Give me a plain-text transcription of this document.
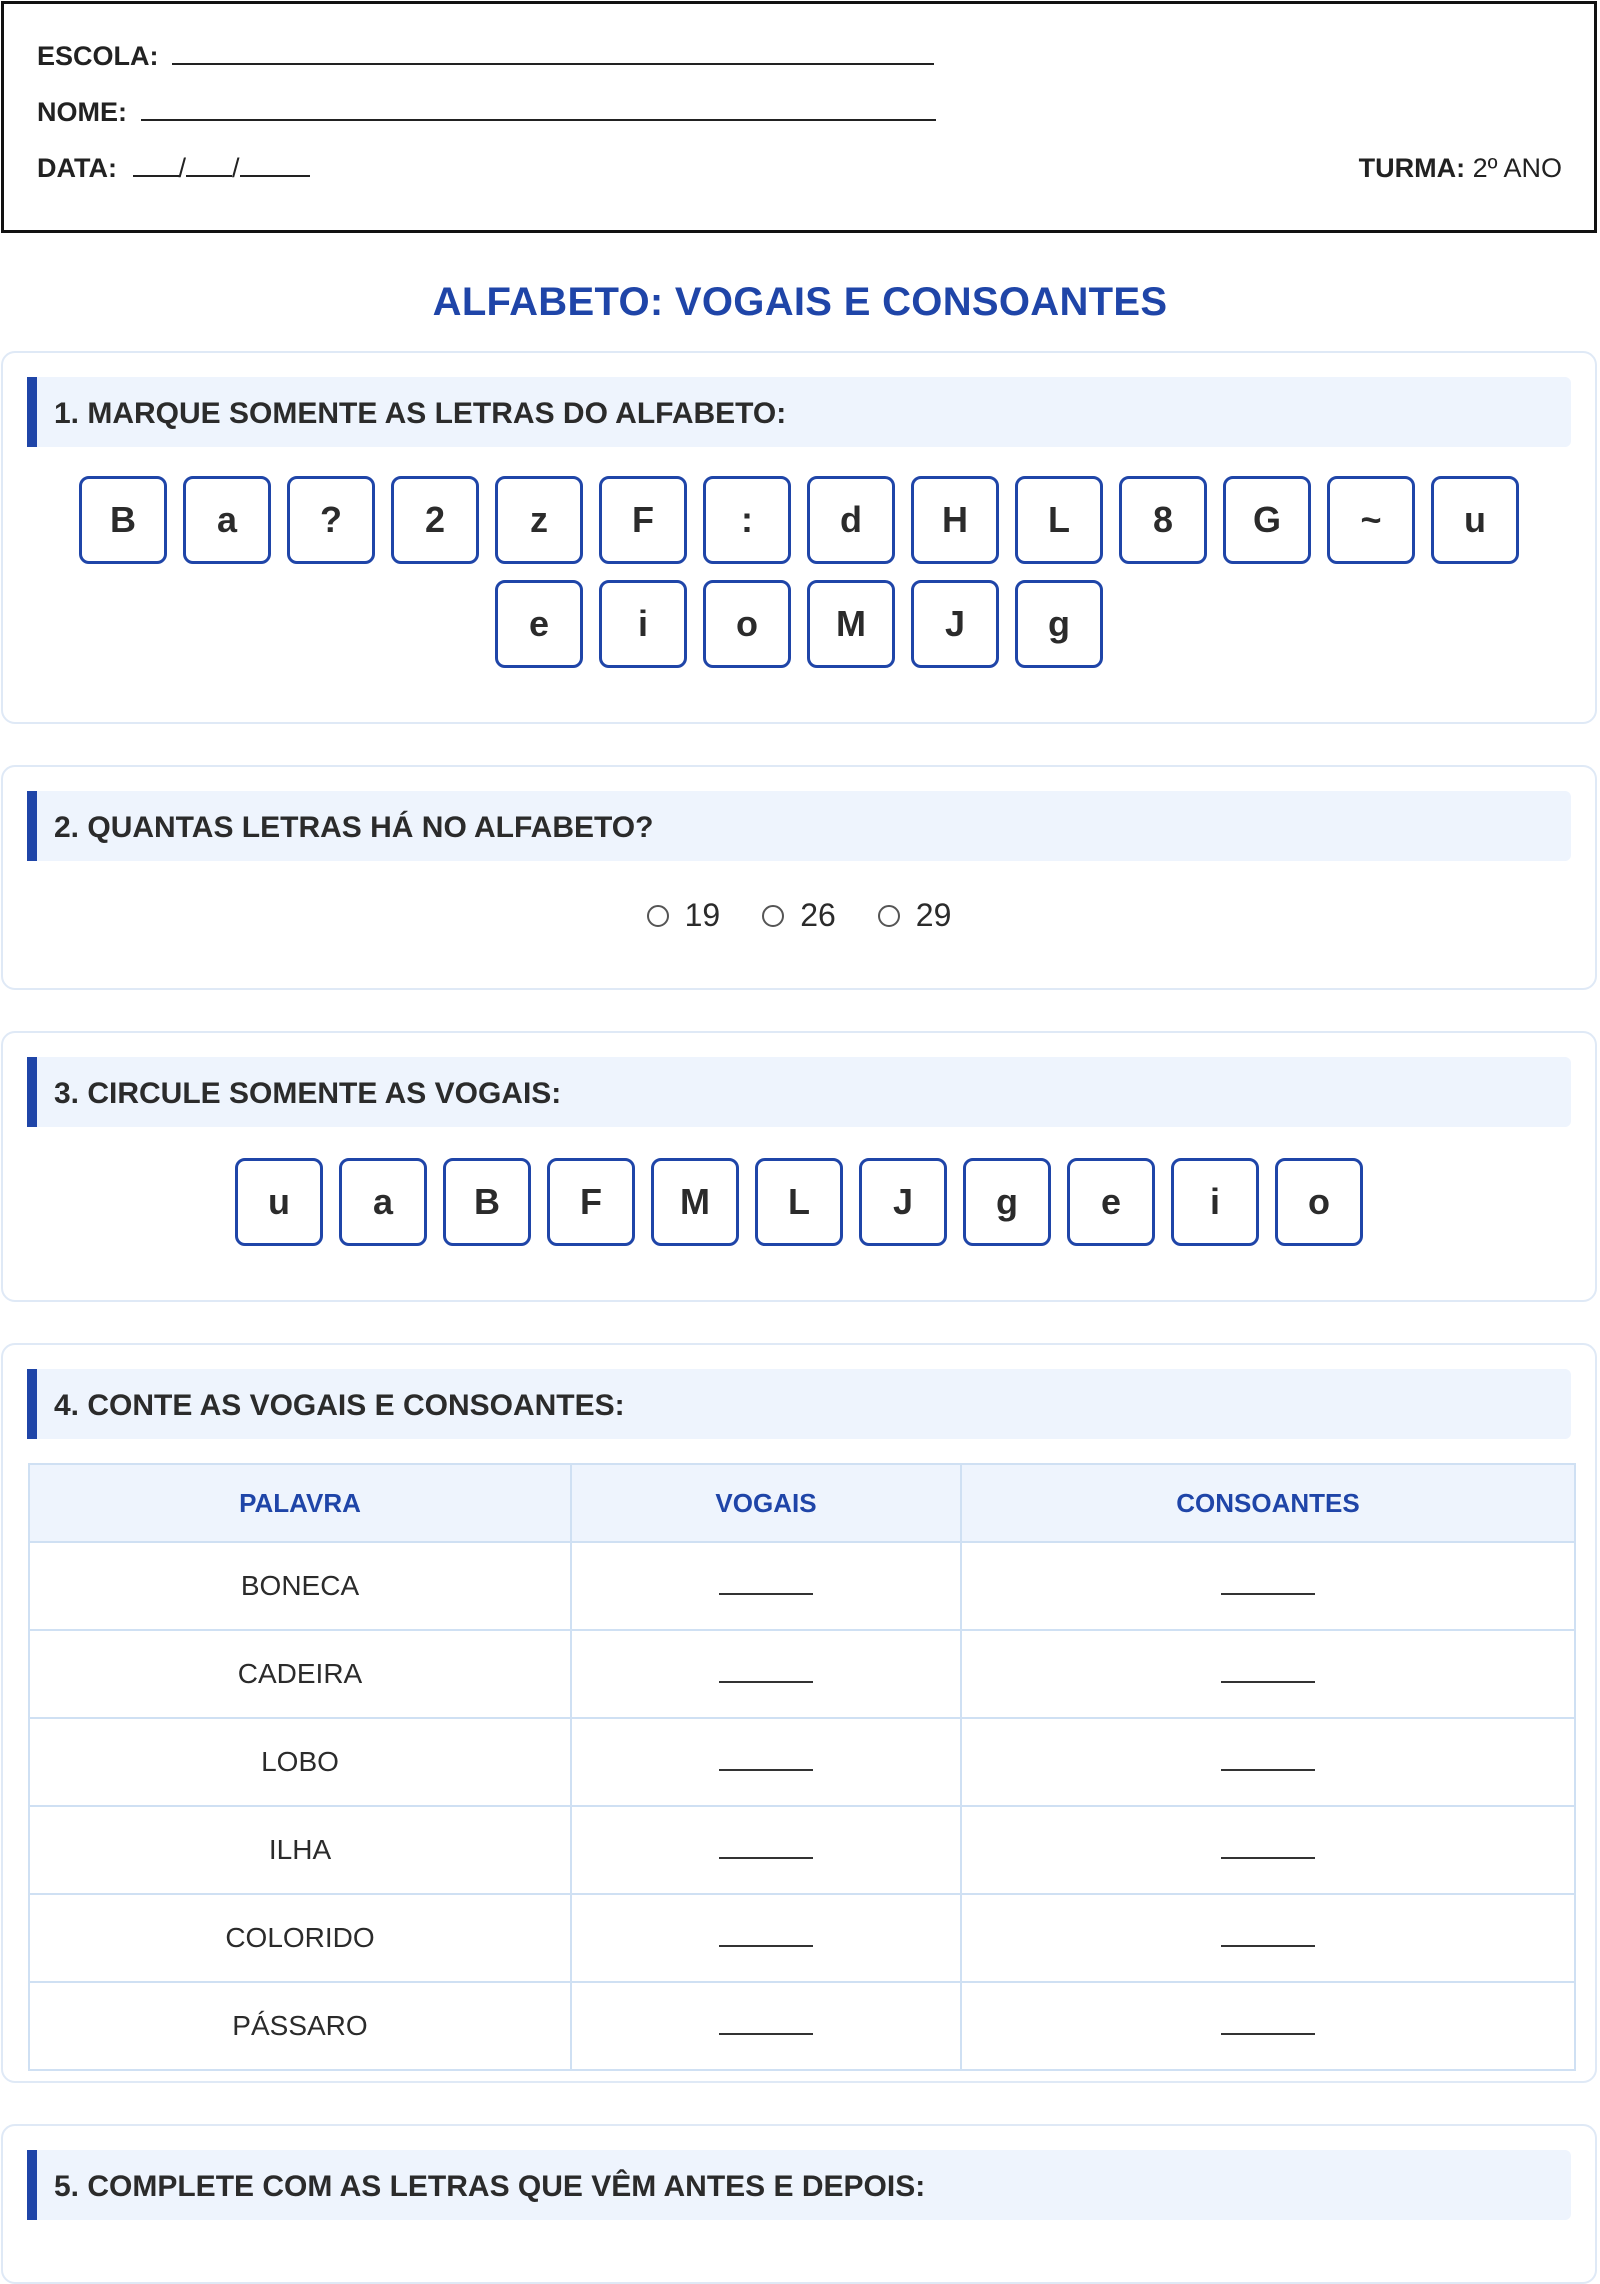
ESCOLA:
NOME:
DATA: / /	TURMA: 2º ANO
ALFABETO: VOGAIS E CONSOANTES
1. MARQUE SOMENTE AS LETRAS DO ALFABETO:
B	a	?	2	z	F	:	d	H	L	8	G	~	u
e	i	o	M	J	g
2. QUANTAS LETRAS HÁ NO ALFABETO?
19	26	29
3. CIRCULE SOMENTE AS VOGAIS:
u	a	B	F	M	L	J	g	e	i	o
4. CONTE AS VOGAIS E CONSOANTES:
PALAVRA	VOGAIS	CONSOANTES
BONECA		
CADEIRA		
LOBO		
ILHA		
COLORIDO		
PÁSSARO		
5. COMPLETE COM AS LETRAS QUE VÊM ANTES E DEPOIS:
